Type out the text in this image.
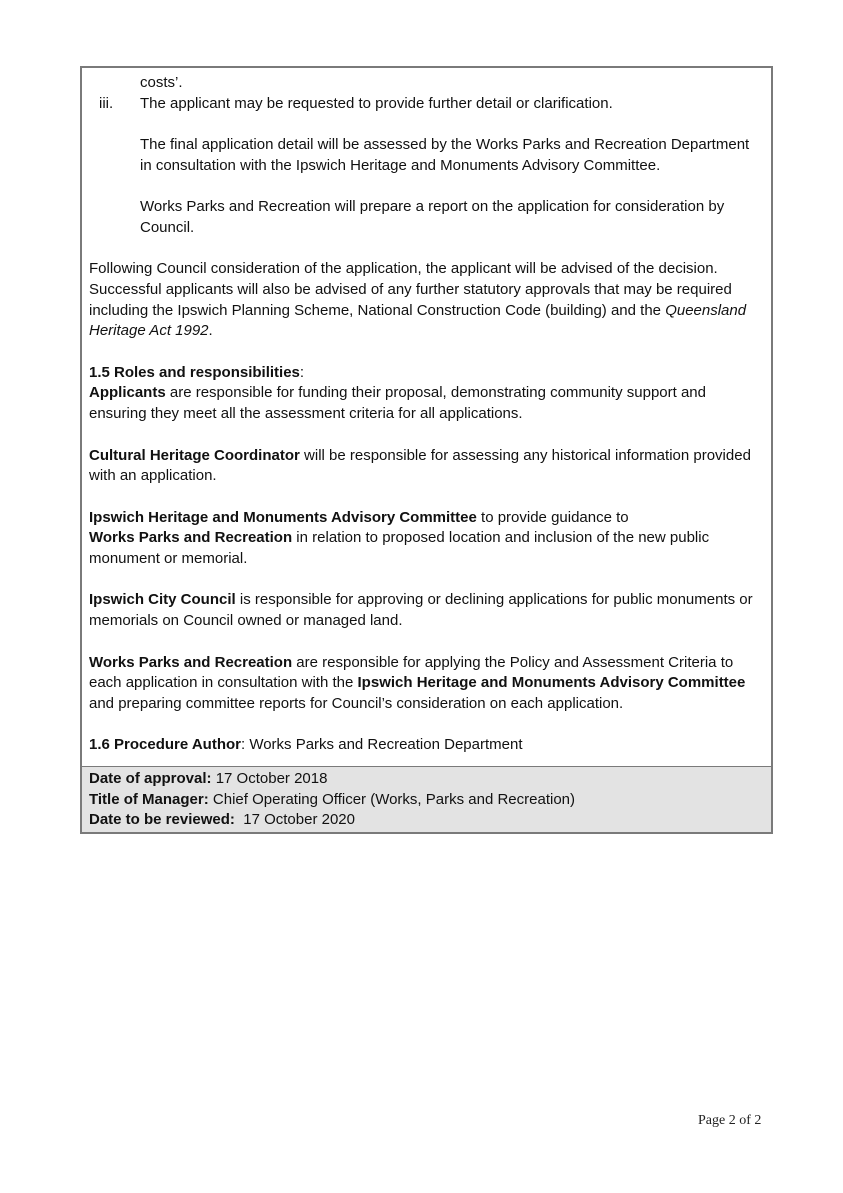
costs’.

iii.	The applicant may be requested to provide further detail or clarification.

The final application detail will be assessed by the Works Parks and Recreation Department in consultation with the Ipswich Heritage and Monuments Advisory Committee.

Works Parks and Recreation will prepare a report on the application for consideration by Council.

Following Council consideration of the application, the applicant will be advised of the decision. Successful applicants will also be advised of any further statutory approvals that may be required including the Ipswich Planning Scheme, National Construction Code (building) and the Queensland Heritage Act 1992.

1.5 Roles and responsibilities:

Applicants are responsible for funding their proposal, demonstrating community support and ensuring they meet all the assessment criteria for all applications.

Cultural Heritage Coordinator will be responsible for assessing any historical information provided with an application.

Ipswich Heritage and Monuments Advisory Committee to provide guidance to
Works Parks and Recreation in relation to proposed location and inclusion of the new public monument or memorial.

Ipswich City Council is responsible for approving or declining applications for public monuments or memorials on Council owned or managed land.

Works Parks and Recreation are responsible for applying the Policy and Assessment Criteria to each application in consultation with the Ipswich Heritage and Monuments Advisory Committee and preparing committee reports for Council’s consideration on each application.

1.6 Procedure Author: Works Parks and Recreation Department

Date of approval: 17 October 2018

Title of Manager: Chief Operating Officer (Works, Parks and Recreation)

Date to be reviewed:  17 October 2020

Page 2 of 2
